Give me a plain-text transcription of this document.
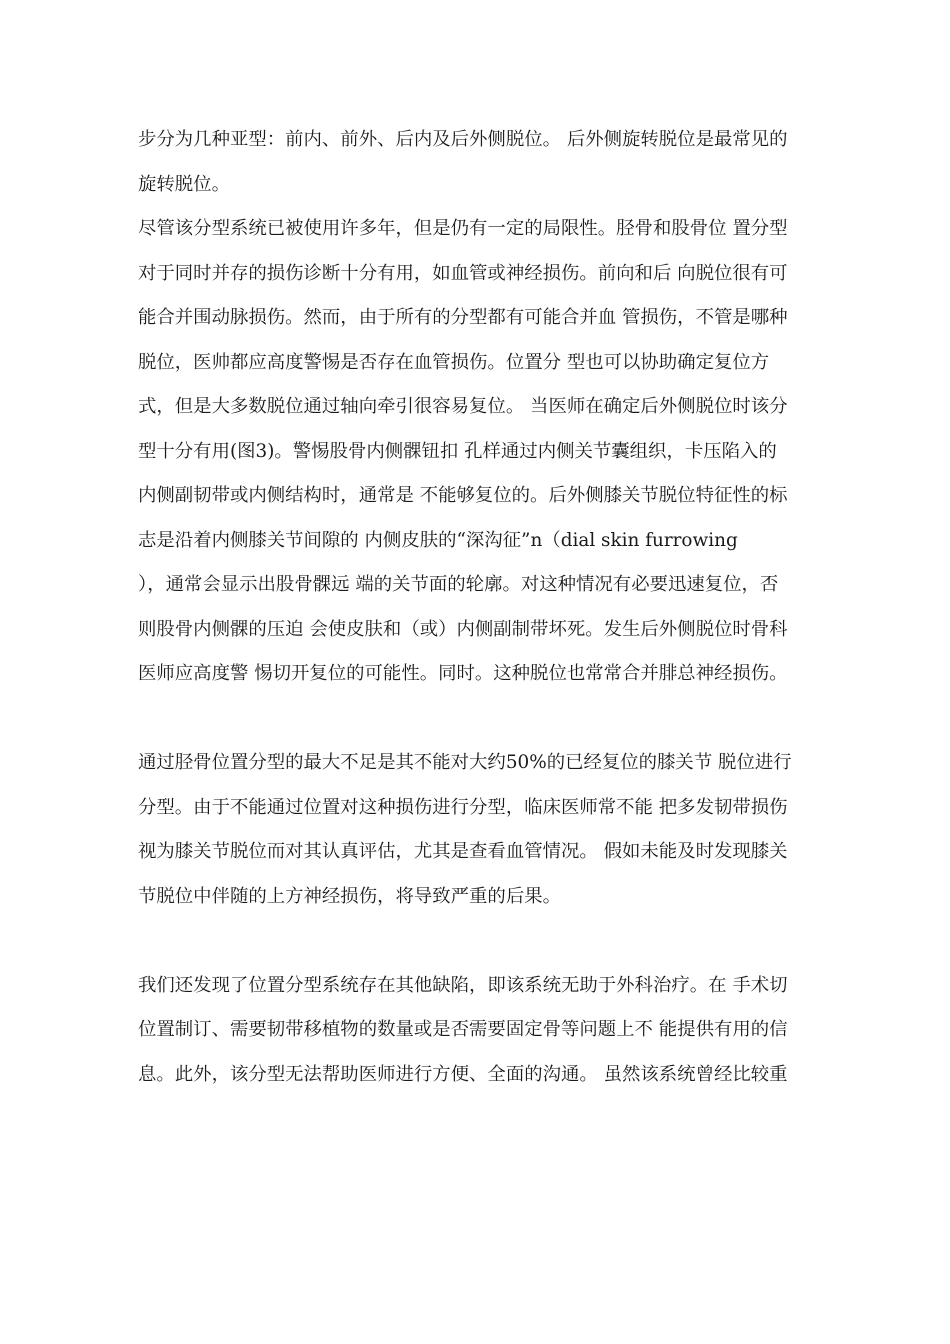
步分为几种亚型：前内、前外、后内及后外侧脱位。 后外侧旋转脱位是最常见的
旋转脱位。
尽管该分型系统已被使用许多年，但是仍有一定的局限性。胫骨和股骨位 置分型
对于同时并存的损伤诊断十分有用，如血管或神经损伤。前向和后 向脱位很有可
能合并围动脉损伤。然而，由于所有的分型都有可能合并血 管损伤，不管是哪种
脱位，医帅都应高度警惕是否存在血管损伤。位置分 型也可以协助确定复位方
式，但是大多数脱位通过轴向牵引很容易复位。 当医师在确定后外侧脱位时该分
型十分有用(图3)。警惕股骨内侧髁钮扣 孔样通过内侧关节囊组织，卡压陷入的
内侧副韧带或内侧结构时，通常是 不能够复位的。后外侧膝关节脱位特征性的标
志是沿着内侧膝关节间隙的 内侧皮肤的“深沟征”n（dial skin furrowing
），通常会显示出股骨髁远 端的关节面的轮廓。对这种情况有必要迅速复位，否
则股骨内侧髁的压迫 会使皮肤和（或）内侧副制带坏死。发生后外侧脱位时骨科
医师应高度警 惕切开复位的可能性。同时。这种脱位也常常合并腓总神经损伤。
通过胫骨位置分型的最大不足是其不能对大约50%的已经复位的膝关节 脱位进行
分型。由于不能通过位置对这种损伤进行分型，临床医师常不能 把多发韧带损伤
视为膝关节脱位而对其认真评估，尤其是查看血管情况。 假如未能及时发现膝关
节脱位中伴随的上方神经损伤，将导致严重的后果。
我们还发现了位置分型系统存在其他缺陷，即该系统无助于外科治疗。在 手术切
位置制订、需要韧带移植物的数量或是否需要固定骨等问题上不 能提供有用的信
息。此外，该分型无法帮助医师进行方便、全面的沟通。 虽然该系统曾经比较重
